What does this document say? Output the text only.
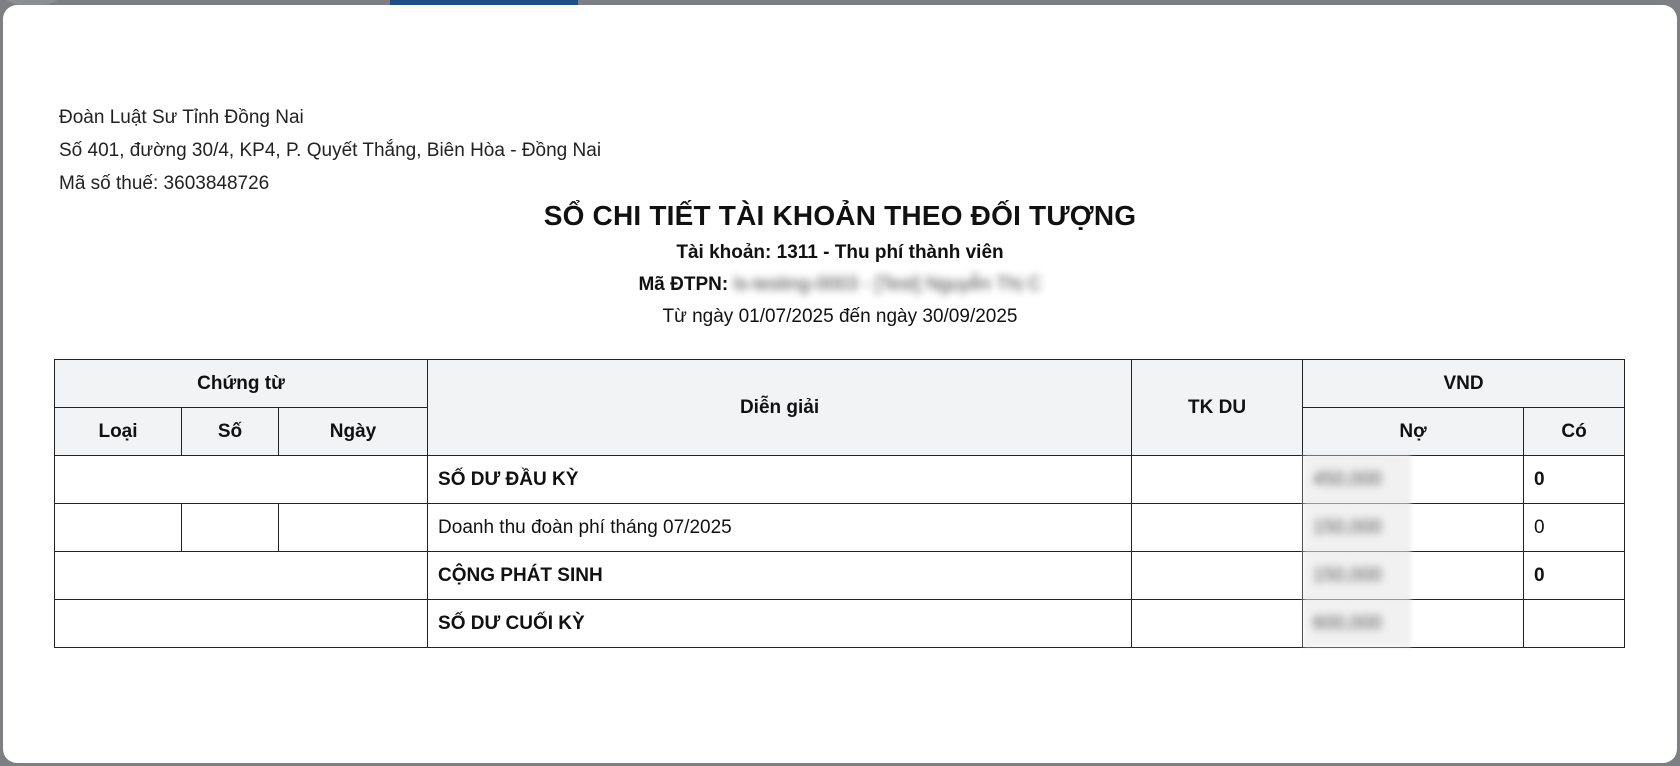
Đoàn Luật Sư Tỉnh Đồng Nai
Số 401, đường 30/4, KP4, P. Quyết Thắng, Biên Hòa - Đồng Nai
Mã số thuế: 3603848726
SỔ CHI TIẾT TÀI KHOẢN THEO ĐỐI TƯỢNG
Tài khoản: 1311 - Thu phí thành viên
Mã ĐTPN: ls-testing-0003 - [Test] Nguyễn Thị C
Từ ngày 01/07/2025 đến ngày 30/09/2025
Chứng từ			Diễn giải	TK DU	VND	
Loại	Số	Ngày			Nợ	Có
			SỐ DƯ ĐẦU KỲ		450,000	0
			Doanh thu đoàn phí tháng 07/2025		150,000	0
			CỘNG PHÁT SINH		150,000	0
			SỐ DƯ CUỐI KỲ		600,000	
